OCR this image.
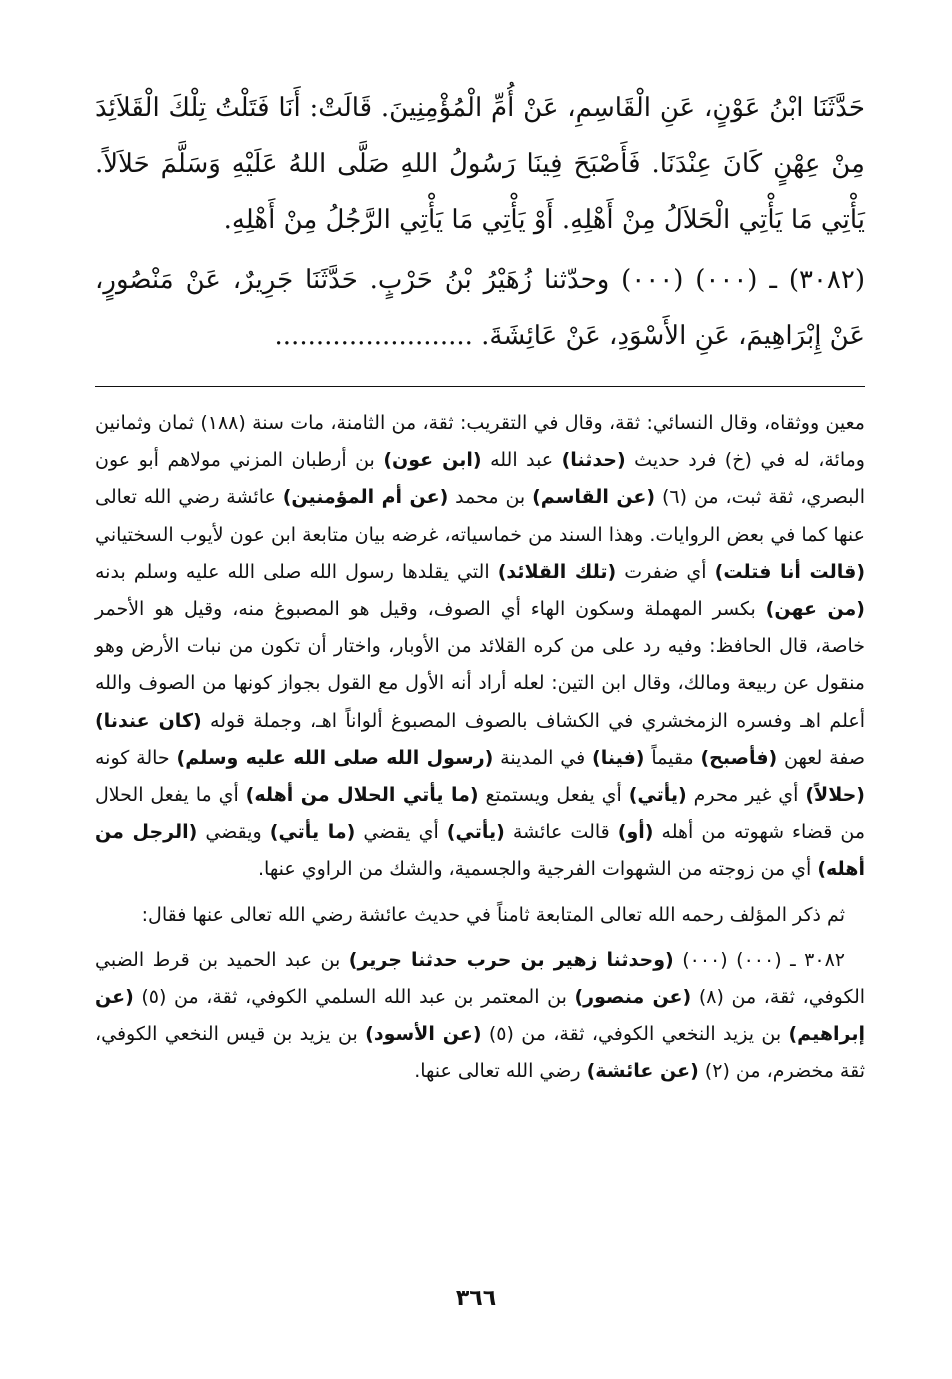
حَدَّثَنَا ابْنُ عَوْنٍ، عَنِ الْقَاسِمِ، عَنْ أُمِّ الْمُؤْمِنِينَ. قَالَتْ: أَنَا فَتَلْتُ تِلْكَ الْقَلاَئِدَ مِنْ عِهْنٍ كَانَ عِنْدَنَا. فَأَصْبَحَ فِينَا رَسُولُ اللهِ صَلَّى اللهُ عَلَيْهِ وَسَلَّمَ حَلاَلاً. يَأْتِي مَا يَأْتِي الْحَلاَلُ مِنْ أَهْلِهِ. أَوْ يَأْتِي مَا يَأْتِي الرَّجُلُ مِنْ أَهْلِهِ.

(٣٠٨٢) ـ (٠٠٠) (٠٠٠) وحدّثنا زُهَيْرُ بْنُ حَرْبٍ. حَدَّثَنَا جَرِيرٌ، عَنْ مَنْصُورٍ، عَنْ إِبْرَاهِيمَ، عَنِ الأَسْوَدِ، عَنْ عَائِشَةَ. ........................

معين ووثقاه، وقال النسائي: ثقة، وقال في التقريب: ثقة، من الثامنة، مات سنة (١٨٨) ثمان وثمانين ومائة، له في (خ) فرد حديث (حدثنا) عبد الله (ابن عون) بن أرطبان المزني مولاهم أبو عون البصري، ثقة ثبت، من (٦) (عن القاسم) بن محمد (عن أم المؤمنين) عائشة رضي الله تعالى عنها كما في بعض الروايات. وهذا السند من خماسياته، غرضه بيان متابعة ابن عون لأيوب السختياني (قالت أنا فتلت) أي ضفرت (تلك القلائد) التي يقلدها رسول الله صلى الله عليه وسلم بدنه (من عهن) بكسر المهملة وسكون الهاء أي الصوف، وقيل هو المصبوغ منه، وقيل هو الأحمر خاصة، قال الحافظ: وفيه رد على من كره القلائد من الأوبار، واختار أن تكون من نبات الأرض وهو منقول عن ربيعة ومالك، وقال ابن التين: لعله أراد أنه الأول مع القول بجواز كونها من الصوف والله أعلم اهـ وفسره الزمخشري في الكشاف بالصوف المصبوغ ألواناً اهـ، وجملة قوله (كان عندنا) صفة لعهن (فأصبح) مقيماً (فينا) في المدينة (رسول الله صلى الله عليه وسلم) حالة كونه (حلالاً) أي غير محرم (يأتي) أي يفعل ويستمتع (ما يأتي الحلال من أهله) أي ما يفعل الحلال من قضاء شهوته من أهله (أو) قالت عائشة (يأتي) أي يقضي (ما يأتي) ويقضي (الرجل من أهله) أي من زوجته من الشهوات الفرجية والجسمية، والشك من الراوي عنها.

ثم ذكر المؤلف رحمه الله تعالى المتابعة ثامناً في حديث عائشة رضي الله تعالى عنها فقال:

٣٠٨٢ ـ (٠٠٠) (٠٠٠) (وحدثنا زهير بن حرب حدثنا جرير) بن عبد الحميد بن قرط الضبي الكوفي، ثقة، من (٨) (عن منصور) بن المعتمر بن عبد الله السلمي الكوفي، ثقة، من (٥) (عن إبراهيم) بن يزيد النخعي الكوفي، ثقة، من (٥) (عن الأسود) بن يزيد بن قيس النخعي الكوفي، ثقة مخضرم، من (٢) (عن عائشة) رضي الله تعالى عنها.

٣٦٦
